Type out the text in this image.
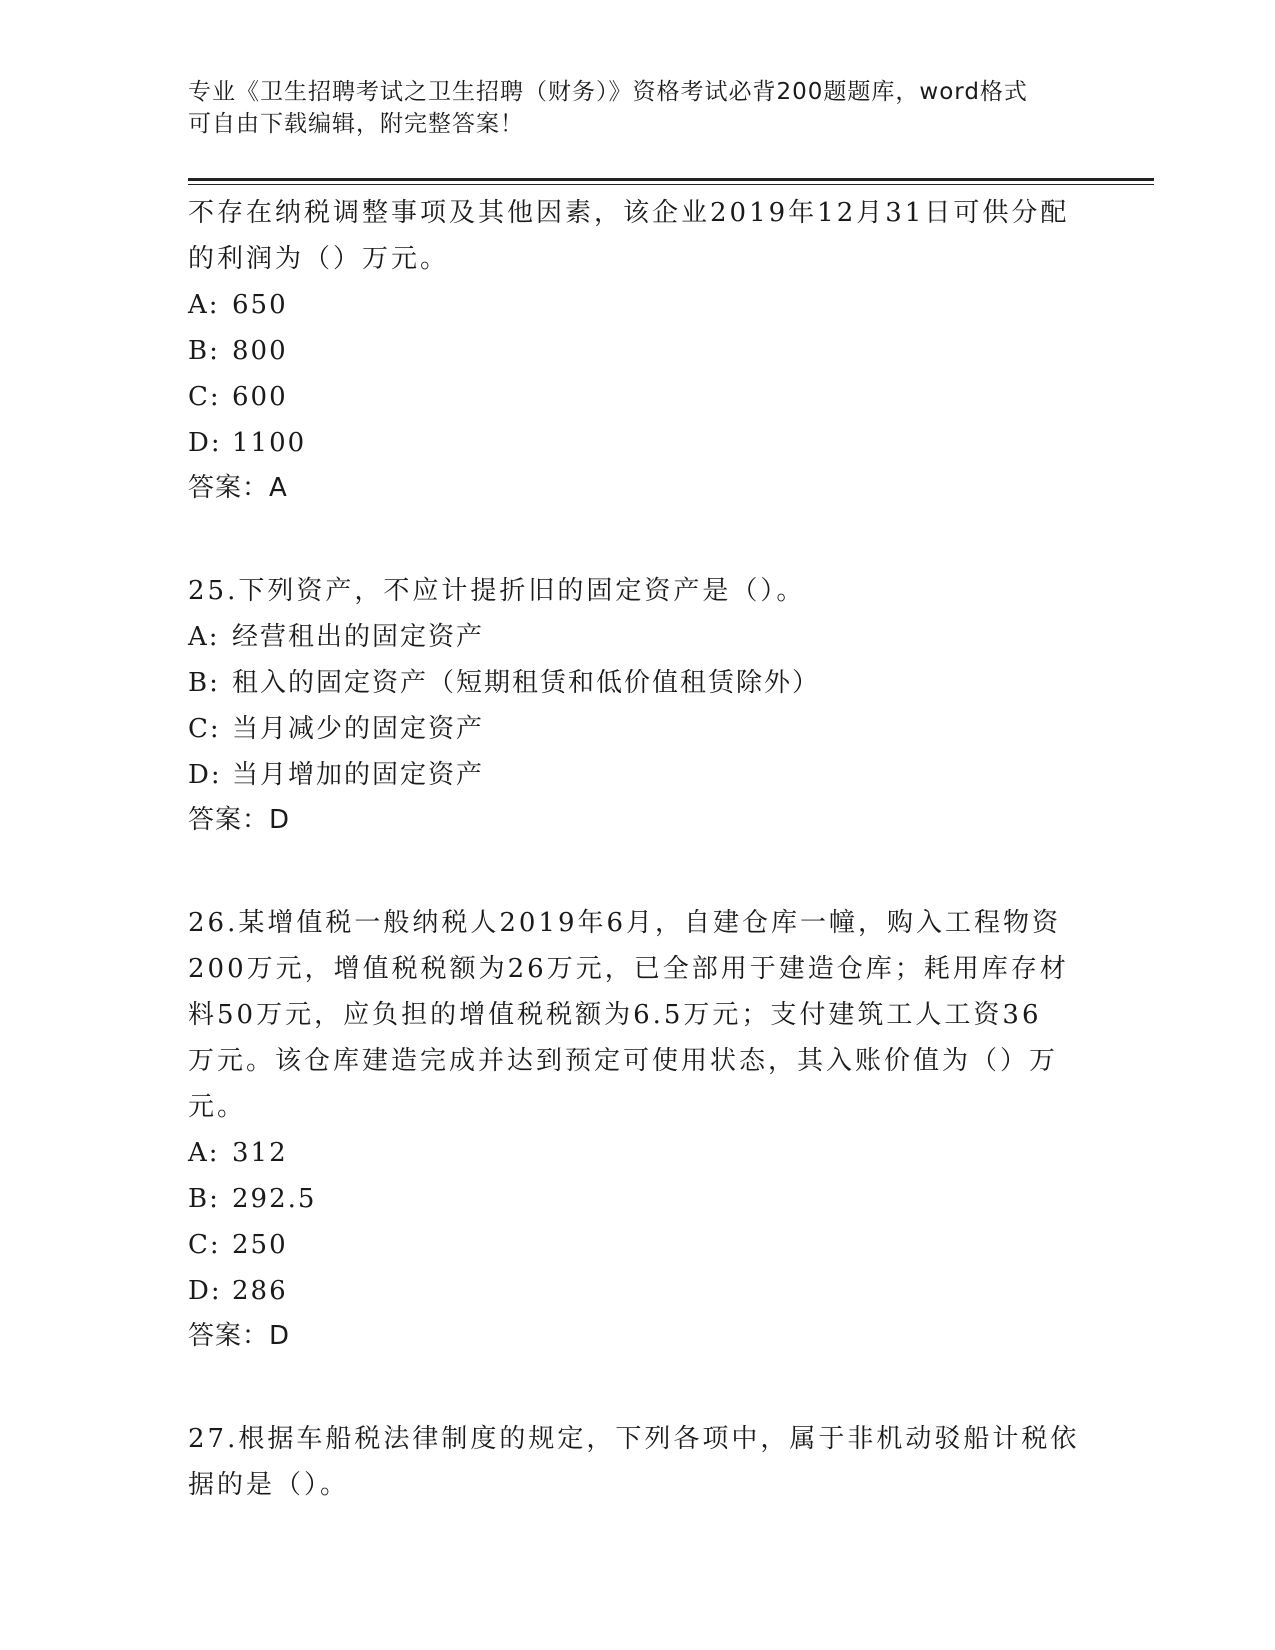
专业《卫生招聘考试之卫生招聘（财务）》资格考试必背200题题库，word格式
可自由下载编辑，附完整答案！
不存在纳税调整事项及其他因素，该企业2019年12月31日可供分配
的利润为（）万元。
A: 650
B: 800
C: 600
D: 1100
答案：A
25.下列资产，不应计提折旧的固定资产是（）。
A: 经营租出的固定资产
B: 租入的固定资产（短期租赁和低价值租赁除外）
C: 当月减少的固定资产
D: 当月增加的固定资产
答案：D
26.某增值税一般纳税人2019年6月，自建仓库一幢，购入工程物资
200万元，增值税税额为26万元，已全部用于建造仓库；耗用库存材
料50万元，应负担的增值税税额为6.5万元；支付建筑工人工资36
万元。该仓库建造完成并达到预定可使用状态，其入账价值为（）万
元。
A: 312
B: 292.5
C: 250
D: 286
答案：D
27.根据车船税法律制度的规定，下列各项中，属于非机动驳船计税依
据的是（）。
